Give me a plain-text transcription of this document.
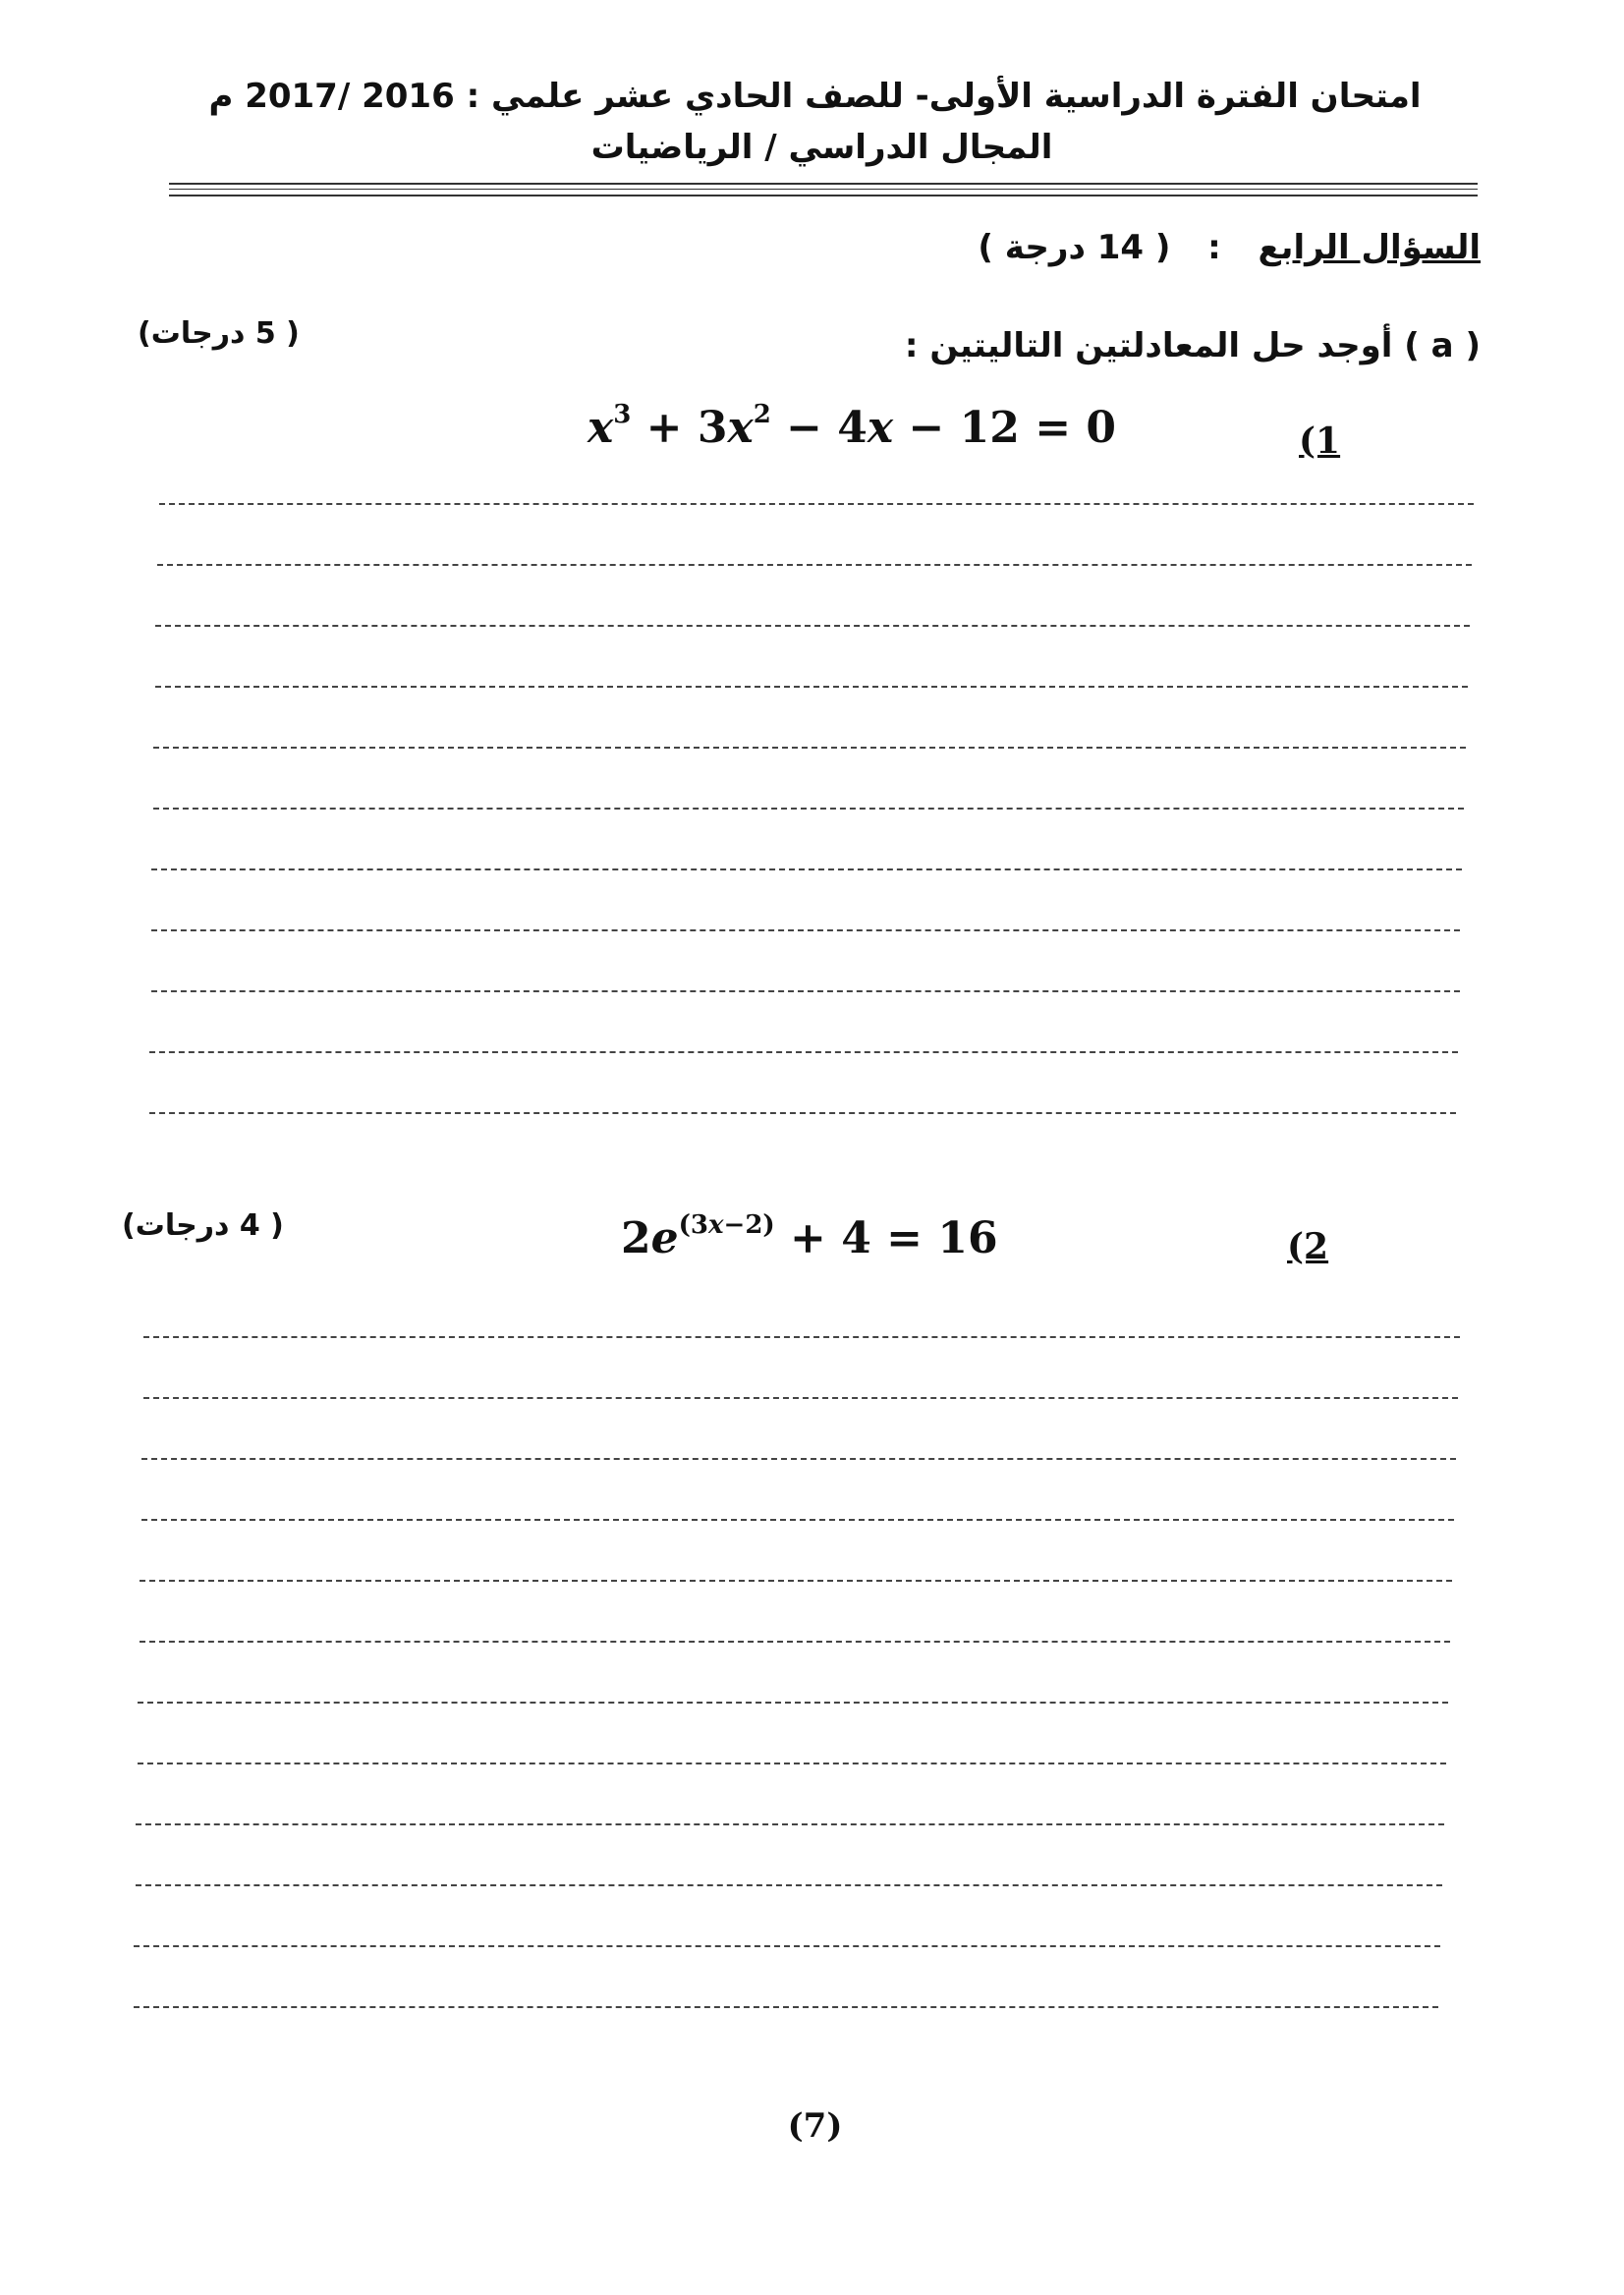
امتحان الفترة الدراسية الأولى- للصف الحادي عشر علمي : 2016 /2017 م
المجال الدراسي / الرياضيات
السؤال الرابع  :  ( 14 درجة )
( a ) أوجد حل المعادلتين التاليتين :
( 5 درجات)
$x^3 + 3x^2 - 4x - 12 = 0$	(1
( 4 درجات)	$2e^{(3x-2)} + 4 = 16$	(2
(7)
